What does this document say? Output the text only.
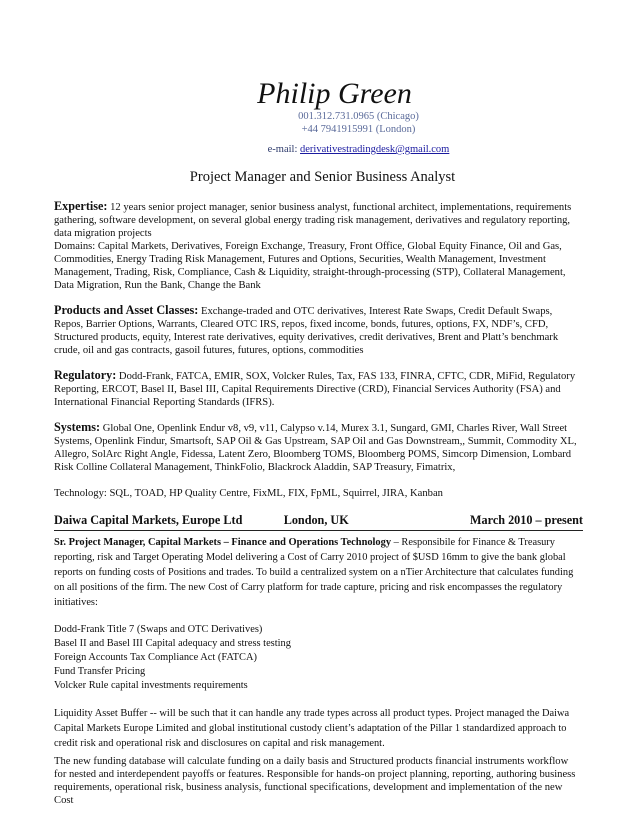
Philip Green
001.312.731.0965 (Chicago)
+44 7941915991 (London)
e-mail: derivativestradingdesk@gmail.com
Project Manager and Senior Business Analyst

Expertise: 12 years senior project manager, senior business analyst, functional architect, implementations, requirements gathering, software development, on several global energy trading risk management, derivatives and regulatory reporting, data migration projects

Domains: Capital Markets, Derivatives, Foreign Exchange, Treasury, Front Office, Global Equity Finance, Oil and Gas, Commodities, Energy Trading Risk Management, Futures and Options, Securities, Wealth Management, Investment Management, Trading, Risk, Compliance, Cash & Liquidity, straight-through-processing (STP), Collateral Management, Data Migration, Run the Bank, Change the Bank

Products and Asset Classes: Exchange-traded and OTC derivatives, Interest Rate Swaps, Credit Default Swaps, Repos, Barrier Options, Warrants, Cleared OTC IRS, repos, fixed income, bonds, futures, options, FX, NDF’s, CFD, Structured products, equity, Interest rate derivatives, equity derivatives, credit derivatives, Brent and Platt’s benchmark crude, oil and gas contracts, gasoil futures, futures, options, commodities

Regulatory: Dodd-Frank, FATCA, EMIR, SOX, Volcker Rules, Tax, FAS 133, FINRA, CFTC, CDR, MiFid, Regulatory Reporting, ERCOT, Basel II, Basel III, Capital Requirements Directive (CRD), Financial Services Authority (FSA) and International Financial Reporting Standards (IFRS).

Systems: Global One, Openlink Endur v8, v9, v11, Calypso v.14, Murex 3.1, Sungard, GMI, Charles River, Wall Street Systems, Openlink Findur, Smartsoft, SAP Oil & Gas Upstream, SAP Oil and Gas Downstream,, Summit, Commodity XL, Allegro, SolArc Right Angle, Fidessa, Latent Zero, Bloomberg TOMS, Bloomberg POMS, Simcorp Dimension, Lombard Risk Colline Collateral Management, ThinkFolio, Blackrock Aladdin, SAP Treasury, Fimatrix,

Technology: SQL, TOAD, HP Quality Centre, FixML, FIX, FpML, Squirrel, JIRA, Kanban

Daiwa Capital Markets, Europe Ltd	London, UK	March 2010 – present
Sr. Project Manager, Capital Markets – Finance and Operations Technology – Responsibile for Finance & Treasury reporting, risk and Target Operating Model delivering a Cost of Carry 2010 project of $USD 16mm to give the bank global reports on funding costs of Positions and trades. To build a centralized system on a nTier Architecture that calculates funding on all positions of the firm. The new Cost of Carry platform for trade capture, pricing and risk encompasses the regulatory initiatives:
Dodd-Frank Title 7 (Swaps and OTC Derivatives)
Basel II and Basel III Capital adequacy and stress testing
Foreign Accounts Tax Compliance Act (FATCA)
Fund Transfer Pricing
Volcker Rule capital investments requirements
Liquidity Asset Buffer -- will be such that it can handle any trade types across all product types. Project managed the Daiwa Capital Markets Europe Limited and global institutional custody client’s adaptation of the Pillar 1 standardized approach to credit risk and operational risk and disclosures on capital and risk management.
The new funding database will calculate funding on a daily basis and Structured products financial instruments workflow for nested and interdependent payoffs or features. Responsible for hands-on project planning, reporting, authoring business requirements, operational risk, business analysis, functional specifications, development and implementation of the new Cost
